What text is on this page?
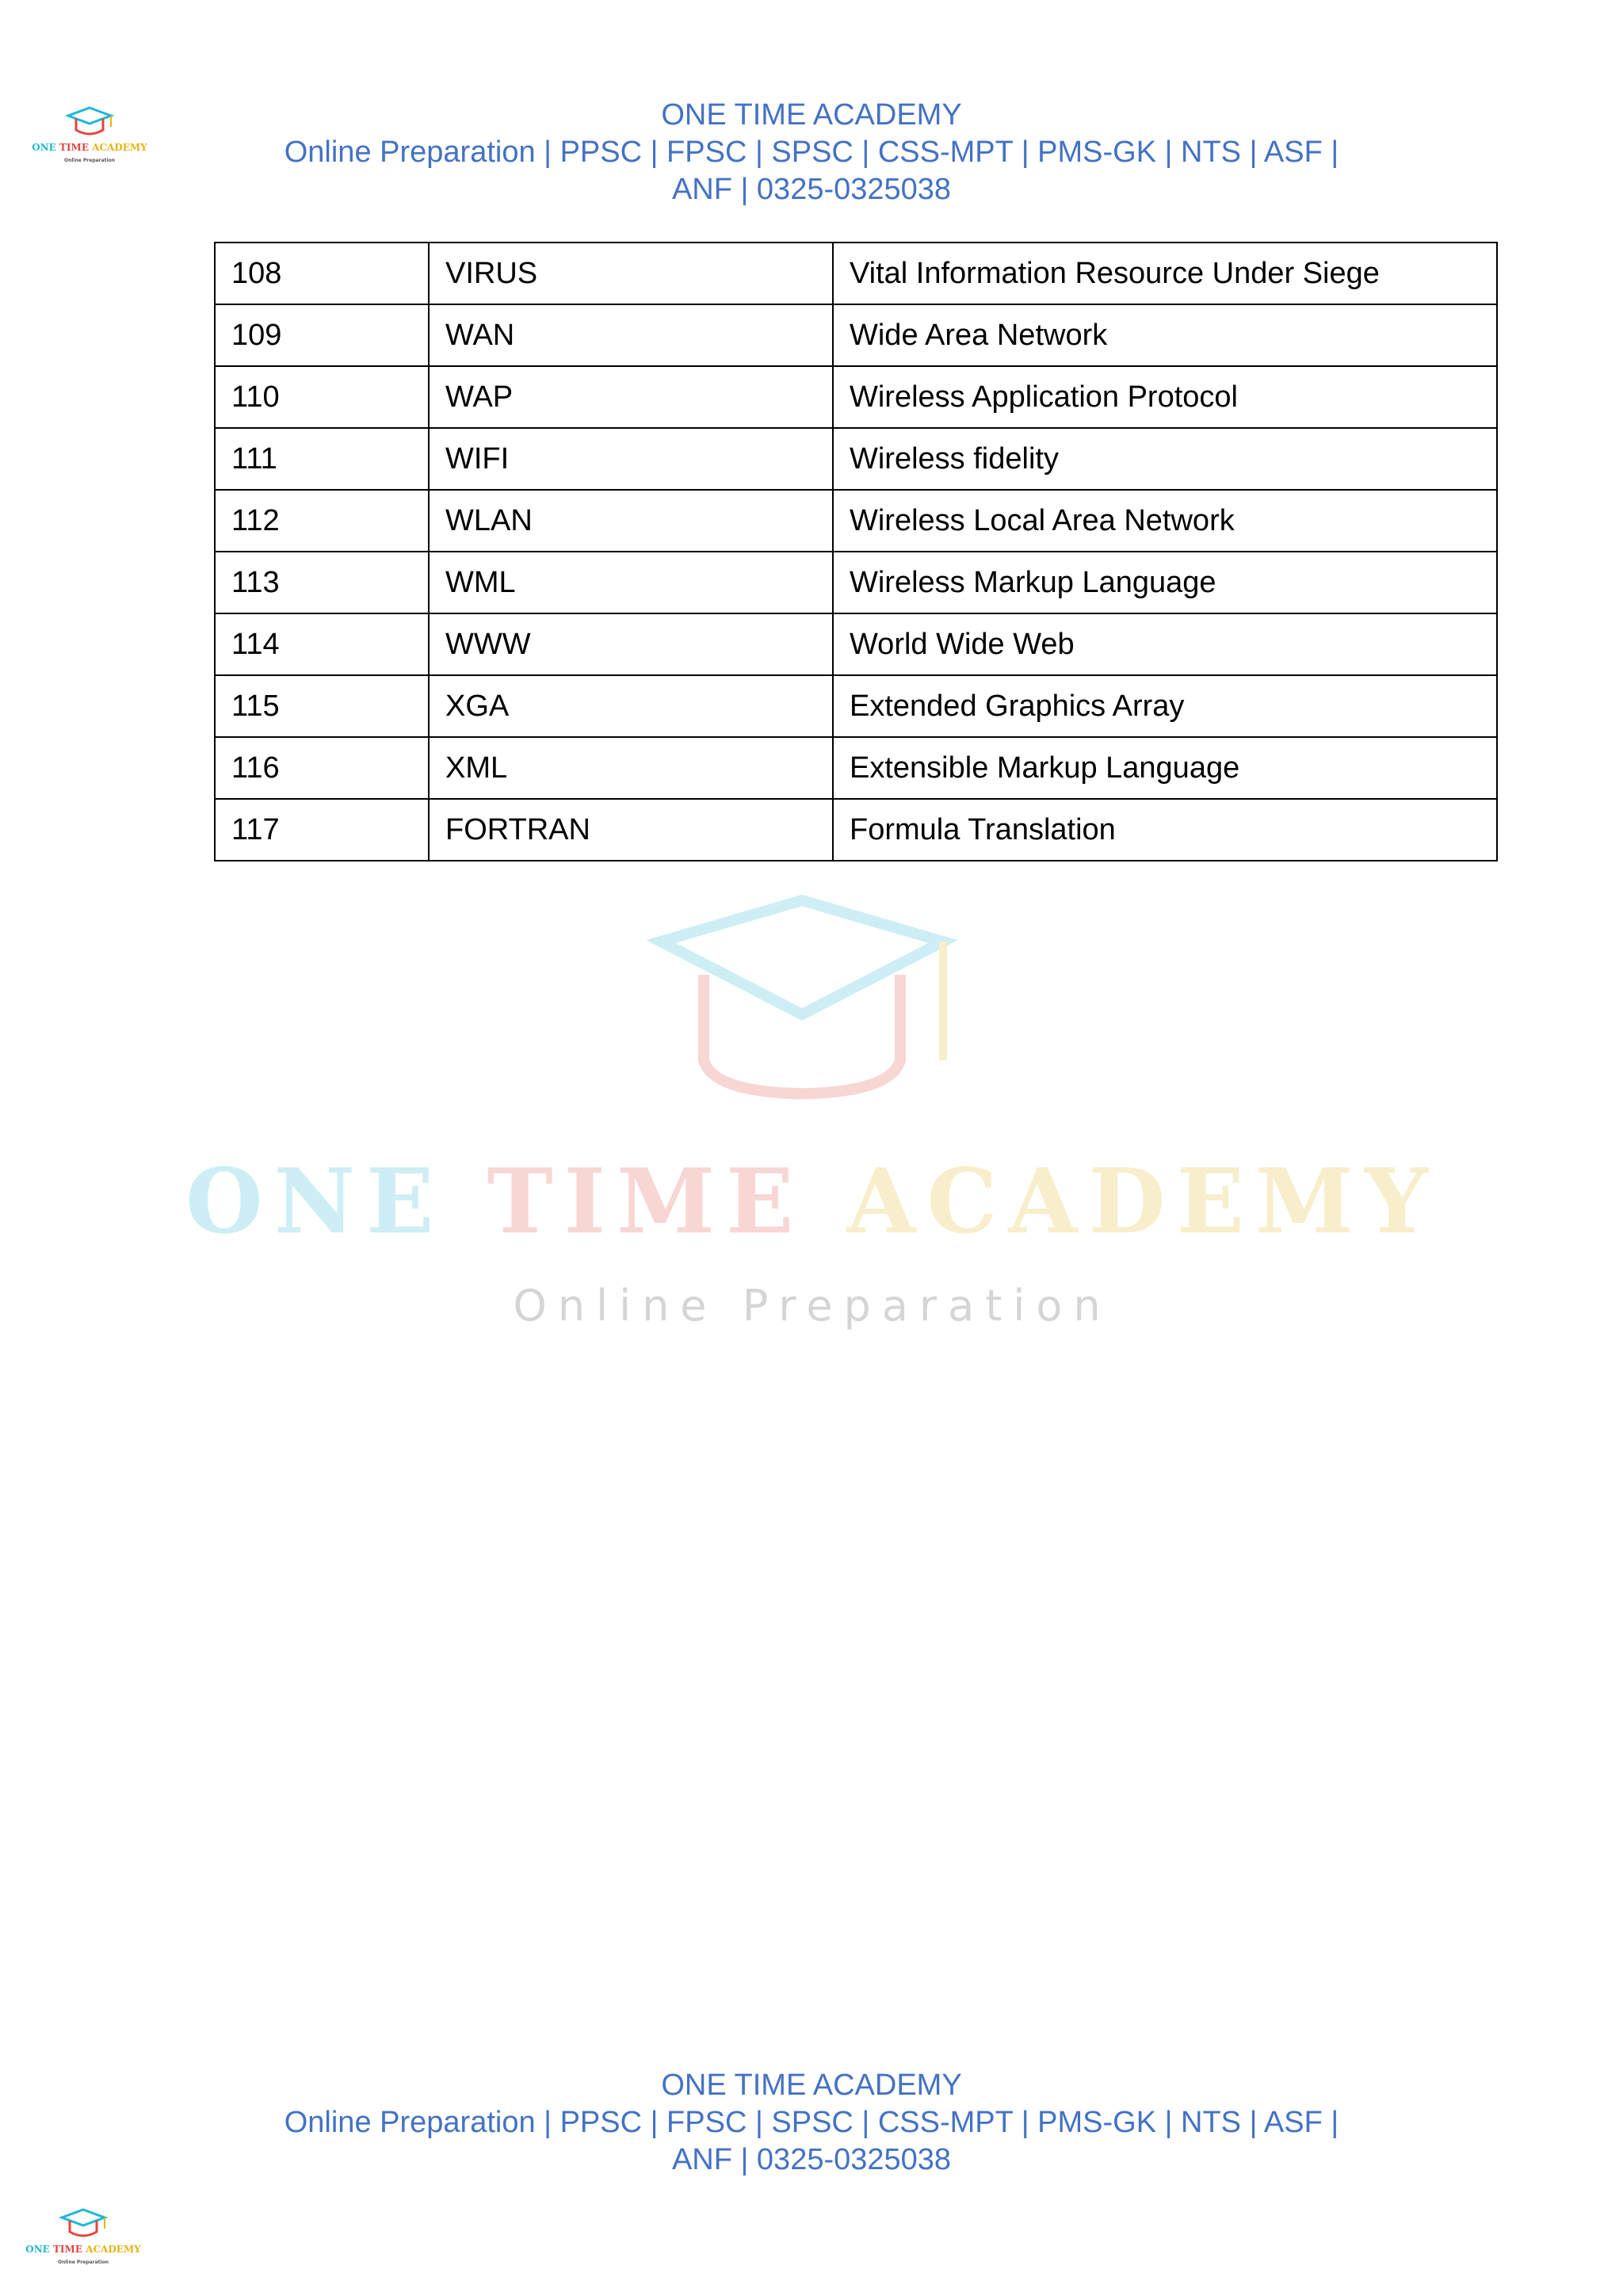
ONE TIME ACADEMY
Online Preparation
ONE TIME ACADEMY
Online Preparation | PPSC | FPSC | SPSC | CSS-MPT | PMS-GK | NTS | ASF |
ANF | 0325-0325038
108	VIRUS	Vital Information Resource Under Siege
109	WAN	Wide Area Network
110	WAP	Wireless Application Protocol
111	WIFI	Wireless fidelity
112	WLAN	Wireless Local Area Network
113	WML	Wireless Markup Language
114	WWW	World Wide Web
115	XGA	Extended Graphics Array
116	XML	Extensible Markup Language
117	FORTRAN	Formula Translation
ONE TIME ACADEMY
Online Preparation
ONE TIME ACADEMY
Online Preparation | PPSC | FPSC | SPSC | CSS-MPT | PMS-GK | NTS | ASF |
ANF | 0325-0325038
ONE TIME ACADEMY
Online Preparation
